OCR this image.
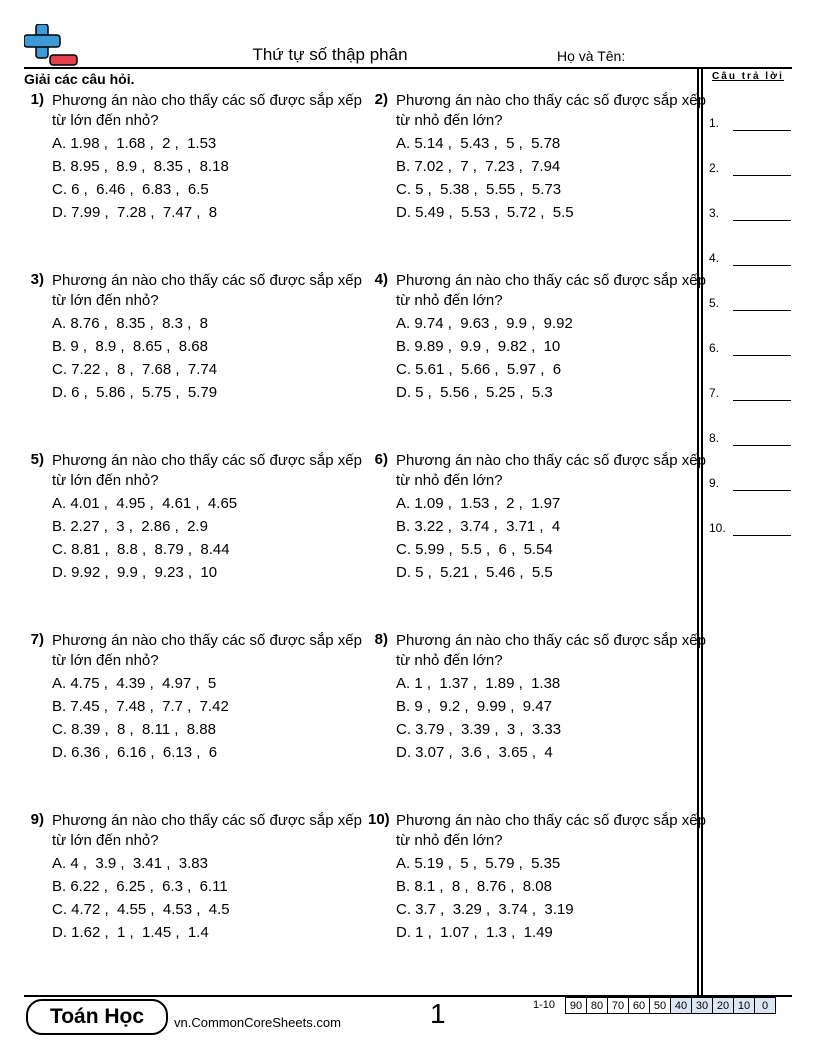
Thứ tự số thập phân	Họ và Tên:
Giải các câu hỏi.	Câu trả lời
1) Phương án nào cho thấy các số được sắp xếp từ lớn đến nhỏ?
A. 1.98 ,  1.68 ,  2 ,  1.53
B. 8.95 ,  8.9 ,  8.35 ,  8.18
C. 6 ,  6.46 ,  6.83 ,  6.5
D. 7.99 ,  7.28 ,  7.47 ,  8
2) Phương án nào cho thấy các số được sắp xếp từ nhỏ đến lớn?
A. 5.14 ,  5.43 ,  5 ,  5.78
B. 7.02 ,  7 ,  7.23 ,  7.94
C. 5 ,  5.38 ,  5.55 ,  5.73
D. 5.49 ,  5.53 ,  5.72 ,  5.5
3) Phương án nào cho thấy các số được sắp xếp từ lớn đến nhỏ?
A. 8.76 ,  8.35 ,  8.3 ,  8
B. 9 ,  8.9 ,  8.65 ,  8.68
C. 7.22 ,  8 ,  7.68 ,  7.74
D. 6 ,  5.86 ,  5.75 ,  5.79
4) Phương án nào cho thấy các số được sắp xếp từ nhỏ đến lớn?
A. 9.74 ,  9.63 ,  9.9 ,  9.92
B. 9.89 ,  9.9 ,  9.82 ,  10
C. 5.61 ,  5.66 ,  5.97 ,  6
D. 5 ,  5.56 ,  5.25 ,  5.3
5) Phương án nào cho thấy các số được sắp xếp từ lớn đến nhỏ?
A. 4.01 ,  4.95 ,  4.61 ,  4.65
B. 2.27 ,  3 ,  2.86 ,  2.9
C. 8.81 ,  8.8 ,  8.79 ,  8.44
D. 9.92 ,  9.9 ,  9.23 ,  10
6) Phương án nào cho thấy các số được sắp xếp từ nhỏ đến lớn?
A. 1.09 ,  1.53 ,  2 ,  1.97
B. 3.22 ,  3.74 ,  3.71 ,  4
C. 5.99 ,  5.5 ,  6 ,  5.54
D. 5 ,  5.21 ,  5.46 ,  5.5
7) Phương án nào cho thấy các số được sắp xếp từ lớn đến nhỏ?
A. 4.75 ,  4.39 ,  4.97 ,  5
B. 7.45 ,  7.48 ,  7.7 ,  7.42
C. 8.39 ,  8 ,  8.11 ,  8.88
D. 6.36 ,  6.16 ,  6.13 ,  6
8) Phương án nào cho thấy các số được sắp xếp từ nhỏ đến lớn?
A. 1 ,  1.37 ,  1.89 ,  1.38
B. 9 ,  9.2 ,  9.99 ,  9.47
C. 3.79 ,  3.39 ,  3 ,  3.33
D. 3.07 ,  3.6 ,  3.65 ,  4
9) Phương án nào cho thấy các số được sắp xếp từ lớn đến nhỏ?
A. 4 ,  3.9 ,  3.41 ,  3.83
B. 6.22 ,  6.25 ,  6.3 ,  6.11
C. 4.72 ,  4.55 ,  4.53 ,  4.5
D. 1.62 ,  1 ,  1.45 ,  1.4
10) Phương án nào cho thấy các số được sắp xếp từ nhỏ đến lớn?
A. 5.19 ,  5 ,  5.79 ,  5.35
B. 8.1 ,  8 ,  8.76 ,  8.08
C. 3.7 ,  3.29 ,  3.74 ,  3.19
D. 1 ,  1.07 ,  1.3 ,  1.49
1.
2.
3.
4.
5.
6.
7.
8.
9.
10.
Toán Học	vn.CommonCoreSheets.com	1	1-10 90	80	70	60	50	40	30	20	10	0
